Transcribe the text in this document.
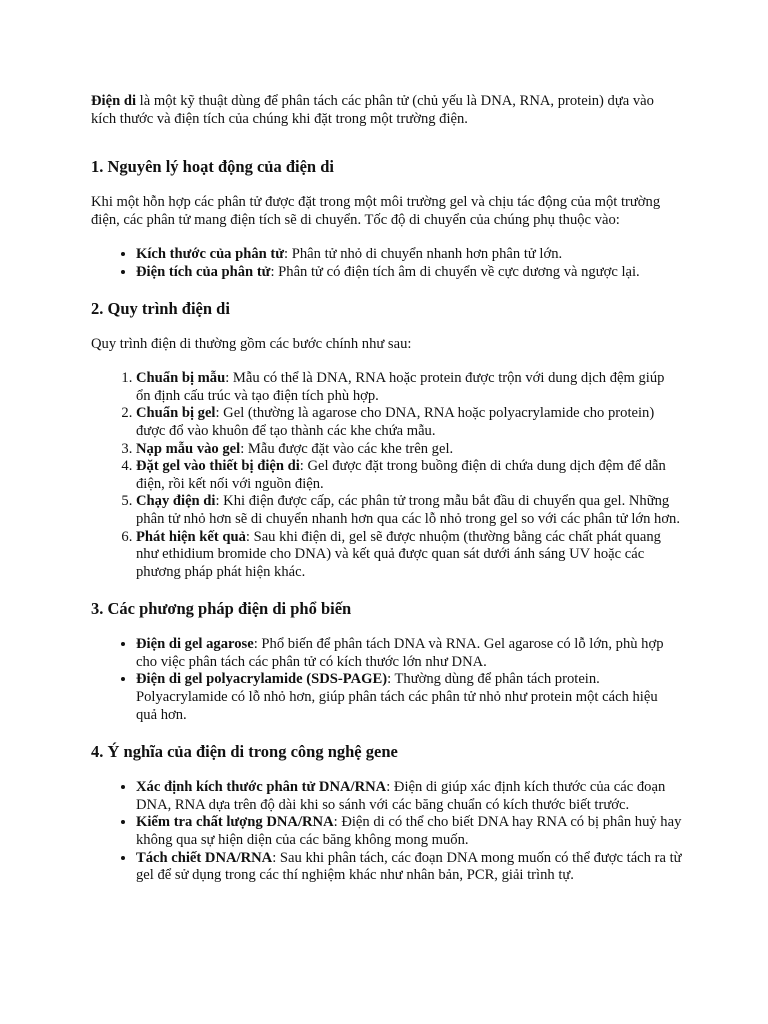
Điện di là một kỹ thuật dùng để phân tách các phân tử (chủ yếu là DNA, RNA, protein) dựa vào kích thước và điện tích của chúng khi đặt trong một trường điện.

1. Nguyên lý hoạt động của điện di

Khi một hỗn hợp các phân tử được đặt trong một môi trường gel và chịu tác động của một trường điện, các phân tử mang điện tích sẽ di chuyển. Tốc độ di chuyển của chúng phụ thuộc vào:

• Kích thước của phân tử: Phân tử nhỏ di chuyển nhanh hơn phân tử lớn.
• Điện tích của phân tử: Phân tử có điện tích âm di chuyển về cực dương và ngược lại.
2. Quy trình điện di

Quy trình điện di thường gồm các bước chính như sau:

1. Chuẩn bị mẫu: Mẫu có thể là DNA, RNA hoặc protein được trộn với dung dịch đệm giúp ổn định cấu trúc và tạo điện tích phù hợp.
2. Chuẩn bị gel: Gel (thường là agarose cho DNA, RNA hoặc polyacrylamide cho protein) được đổ vào khuôn để tạo thành các khe chứa mẫu.
3. Nạp mẫu vào gel: Mẫu được đặt vào các khe trên gel.
4. Đặt gel vào thiết bị điện di: Gel được đặt trong buồng điện di chứa dung dịch đệm để dẫn điện, rồi kết nối với nguồn điện.
5. Chạy điện di: Khi điện được cấp, các phân tử trong mẫu bắt đầu di chuyển qua gel. Những phân tử nhỏ hơn sẽ di chuyển nhanh hơn qua các lỗ nhỏ trong gel so với các phân tử lớn hơn.
6. Phát hiện kết quả: Sau khi điện di, gel sẽ được nhuộm (thường bằng các chất phát quang như ethidium bromide cho DNA) và kết quả được quan sát dưới ánh sáng UV hoặc các phương pháp phát hiện khác.
3. Các phương pháp điện di phổ biến
• Điện di gel agarose: Phổ biến để phân tách DNA và RNA. Gel agarose có lỗ lớn, phù hợp cho việc phân tách các phân tử có kích thước lớn như DNA.
• Điện di gel polyacrylamide (SDS-PAGE): Thường dùng để phân tách protein. Polyacrylamide có lỗ nhỏ hơn, giúp phân tách các phân tử nhỏ như protein một cách hiệu quả hơn.
4. Ý nghĩa của điện di trong công nghệ gene
• Xác định kích thước phân tử DNA/RNA: Điện di giúp xác định kích thước của các đoạn DNA, RNA dựa trên độ dài khi so sánh với các băng chuẩn có kích thước biết trước.
• Kiểm tra chất lượng DNA/RNA: Điện di có thể cho biết DNA hay RNA có bị phân huỷ hay không qua sự hiện diện của các băng không mong muốn.
• Tách chiết DNA/RNA: Sau khi phân tách, các đoạn DNA mong muốn có thể được tách ra từ gel để sử dụng trong các thí nghiệm khác như nhân bản, PCR, giải trình tự.
